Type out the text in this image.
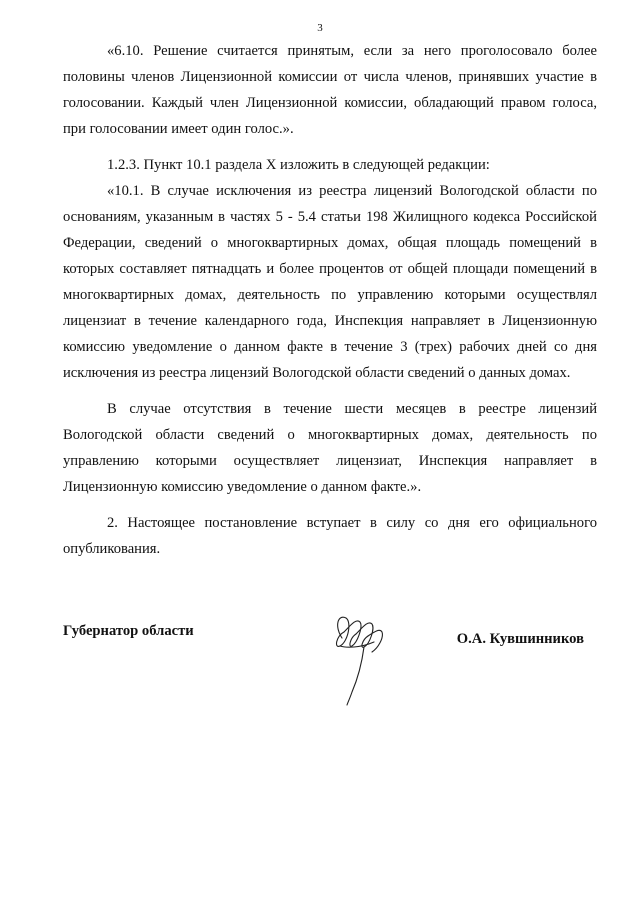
3

«6.10. Решение считается принятым, если за него проголосовало более половины членов Лицензионной комиссии от числа членов, принявших участие в голосовании. Каждый член Лицензионной комиссии, обладающий правом голоса, при голосовании имеет один голос.».

1.2.3. Пункт 10.1 раздела X изложить в следующей редакции:

«10.1. В случае исключения из реестра лицензий Вологодской области по основаниям, указанным в частях 5 - 5.4 статьи 198 Жилищного кодекса Российской Федерации, сведений о многоквартирных домах, общая площадь помещений в которых составляет пятнадцать и более процентов от общей площади помещений в многоквартирных домах, деятельность по управлению которыми осуществлял лицензиат в течение календарного года, Инспекция направляет в Лицензионную комиссию уведомление о данном факте в течение 3 (трех) рабочих дней со дня исключения из реестра лицензий Вологодской области сведений о данных домах.

В случае отсутствия в течение шести месяцев в реестре лицензий Вологодской области сведений о многоквартирных домах, деятельность по управлению которыми осуществляет лицензиат, Инспекция направляет в Лицензионную комиссию уведомление о данном факте.».

2. Настоящее постановление вступает в силу со дня его официального опубликования.

Губернатор области	О.А. Кувшинников
